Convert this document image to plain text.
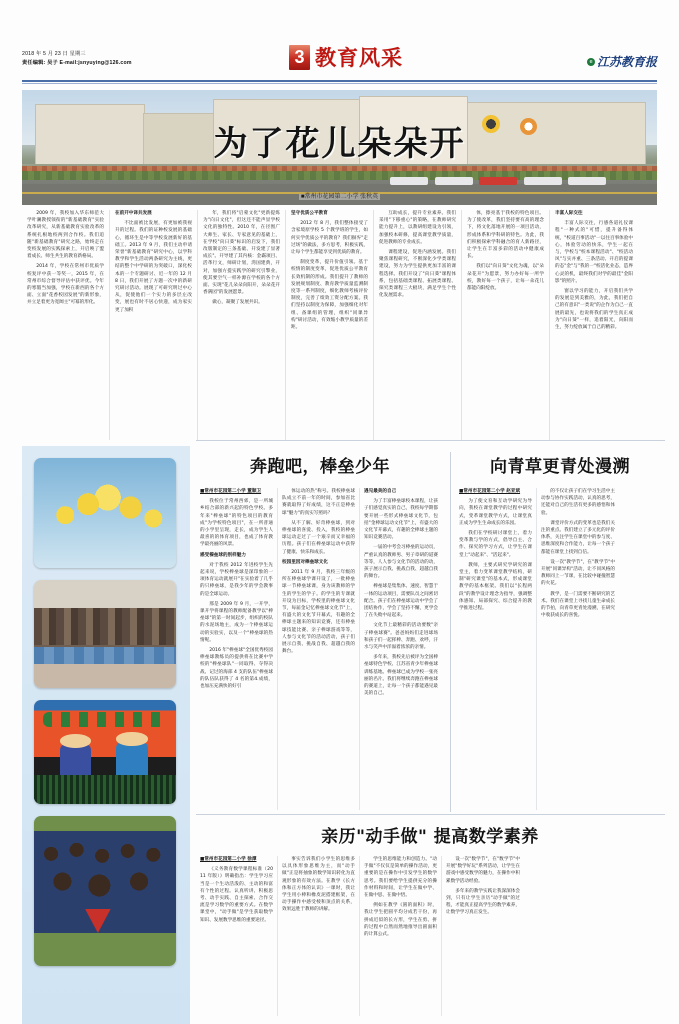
2018 年 5 月 23 日 星期三
责任编辑: 吴子 E-mail:jsnyuying@126.com	3 教育风采	e 江苏教育报
为了花儿朵朵开
■常州市花园第二小学 张秋英

2009 年，我校加入华东师范大学叶澜教授领衔的"新基础教育"实验改革研究，从新基础教育实验改革的系统扎根地校两到合作校。我们追随"新基础教育"研究之路，始终走在变校发展的实践探索上，开启唤了盟着成长、师生共生的教育新格局。

2014 年，学校在常州市优质学校复评中获一等奖一，2015 年，在常州市综合督导评估中获评优。今年的寒假当加强，学校在新西的各个方面、立面"花香校园发展"的新形象，并立足着更为宽阔主"可幂的形化。

在前开中译共发展

不比面被比发展，有更加被我视升的过程。我们的证种校发展的基础心，循环生是中等学校发展新好的基础工。2013 年 9 月，我们主动申请荣誉"新基础教育"研究中心，以学科教学和学生活动两条研究为主线，更结的整个中学研的为突破口，深化校本的一个专题研讨、近一年的 12 月 8 日，我们开展了方题一次中的新研究研讨活动。展现了可研究明过中心从，促使他们一个实力的多层左改变，展也有时不居心快递，成为家实更了加积

年，我们将"启蒙文化"更新提炼为"向日文化"，但这还不能声显学校文化的独特性。2010 年，在径围广大师生、家长、专家意见的基础上，在学校"向日葵"标识的启发下，我们改版制定的三条基础、开发建了显著成长"。开导建了其内核：金霸项目、活革行文，师研计划，湾国建典，开对，加强方提实践学的研究引擎业，使其要空气一样补源在学校的各个方面、实现"花儿朵朵向阳开，朵朵花开香满园"的发展愿景。

做心，凝聚了发展共识。

坚守优质公平教育

2012 年 8 月，我们整体接受了含家境原学校 5 个教学班的学生，如何实学优质公平的教育？我们摒弃"走过场"的做法，多方思考，积极实践，让每个学生都能享受到优质的教育。

制度变革，提升价值引领。基于校情的制度变革，促进优质公平教育长效机制的形成。我们提升了教师的发展规划制度、教育教学质量监测制度等一系列制度，细化教师考核评价制度，完善了绩效工资分配方案。我们坚持以制度为保障，加强细化对年组、备课组的管理，组织"同课异构"研讨活动，有效缩小教学质量的差距。

互助成长，提升专业素养。我们采用"下移重心"的策略，在教师研究能力提升上，以教研组建设为引领，加强校本研修，提高课堂教学质量，促进教师的专业成长。

课程建设，促进内涵发展。我们聚焦课程研究，不断深化少学类课程建设，努力为学生提供更加丰富的课程选择。我们开设了"向日葵"课程体系，包括基础类课程、拓展类课程、探究类课程三大板块，满足学生个性化发展需求。

体，擦亮基于我校的特色项目。为了使改革，我们坚持要有高的理念下，将文化落地开展的一项目活动，形成体系和学科研的特色。为此，我们积极探索学科融合的育人新路径，让学生在丰富多彩的活动中健康成长。

我们以"向日葵"文化为魂，以"朵朵花开"为愿景，努力办好每一所学校，教好每一个孩子，让每一朵花儿都能向阳绽放。

丰富人际交往

丰富人际交往，行感各道礼仪课程"一种式的"可惜，提升备得体统，"校道百事活动"一以往百事体验中心，体验劳动的快乐，学生一起在与，学校与"校本课程活动"、"校活动风"与实并重、三条活动、开启的提课的态"金"与"我的一"校活化业态，造界心灵的机，最终我们对学的最佳"金阳影"的照片。

窗以学习的能力，开启我们共学的发展是到美雅的，为此，我们把自己的有意识"一类说"的企作为自己一直展的最先，也说将我们的学生真正成为"向日葵"一样，追着阳光，向阳而生，努力绽放属于自己的精彩。

奔跑吧，棒垒少年	向青草更青处漫溯

■常州市花园第二小学 董顺卫

我校位于常州西郊，是一所城乡结合部的新兴起的特色学校。多年来"棒垒球"的特色项目的教育成"为学校特色项目"，在一所普通的小学里呈现，走长，成为学生人最喜的的体育项目，也成了体育教学最亮丽的风景。

感受榛垒球的别样魅力

对于我校 2012 年进校学生先起来说，学校棒垒球是深印象的一项体育运动就展开"在实验着了几乎的只棒垒球，是我少年的学会教事的是全球运动。

那是 2009 年 9 月，一开学，课开学将课程的教师配备教学以"棒垒球"的第一时间起步，组织的校队的水泥场地主，成为一个棒垒球运动的实验实，以及一个"棒垒球的热情呢。

2016 年"棒垒球"全国优秀校园棒垒球教练员的提供将在比赛中学校的"棒垒球队"一同取得、夺得决战、记过的海部 4 支的队伍"棒垒球的队伍队获得了 4 名的第4.成绩，也加压充满快的好引

体运动的热"称号。我校棒垒球队成立不前一年的时间，参加省比赛就取得了好成绩，这不正是棒垒球"魅力"的真实写照吗？

从不了解、好奇棒垒球，到对棒垒球的喜爱、投入，我校的棒垒球运动走过了一个艰辛而又幸福的历程。孩子们在棒垒球运动中获得了健康、快乐和成长。

校园里因对棒垒球文化

2011 年 9 月，我校三年级的所在棒垒球学课开设了，一批棒垒球一节棒垒球课，身为该教师的学生的学生的学子。的学生的专课就开设为目标，学校里的棒垒球文化节，每届金记忆棒垒球文化节"上，有盛大的文化节开幕式，有趣的全棒球主题来的知识竞赛，还有棒垒球技能比赛、亲子棒球游戏等等，人参与文化节的活动活动，孩子们展示自我、挑战自我、超越自我的舞台。

遇见最美的自己

为了丰富棒垒球校本课程，让孩子们感觉真实的自己，我校每学期都要开展一些形式棒垒球文化节，包括"金棒球运动文化节"上，有盛大的文化节开幕式，有趣的全棒球主题的知识竞赛活动。

一届的中考会习棒垒的运动员，严重认真的教师男、男子章研的道赛等等，人人参与文化节的活动的动，孩子展示自我、挑战自我、超越自我的舞台。

棒垒球是集集体、速度、智慧于一体的运动项目，需要队员之间密切配合。孩子们在棒垒球运动中学会了团结协作，学会了坚持不懈，更学会了在失败中站起来。

文化节上最精彩的活动要数"亲子棒垒球赛"。爸爸妈妈们走进球场和孩子们一起挥棒、奔跑、欢呼，汗水与笑声中洋溢着浓浓的亲情。

多年来，我校先后被评为全国棒垒球特色学校、江苏省青少年棒垒球训练基地。棒垒球已成为学校一张亮丽的名片。我们将继续奔跑在棒垒球的赛道上，让每一个孩子都能遇见最美的自己。

■常州市花园第二小学 赵亚斌

为了使文育和互动学研究为导向，我校在课堂教学的过程中研究式，变革课堂教学方式，让课堂真正成为学生生命成长的乐园。

我们在学校研讨课堂上，着力变革教与学的方式，倡导自主、合作、探究的学习方式，让学生在课堂上"动起来"、"活起来"。

教师，主要式研究学研究的课堂主，着力变革课堂教学结构，研制"研究课堂"的基本式，形成课堂教学的基本框架。我们以"长程两段"的教学设计理念为指导，强调整体感知、局部探究、综合提升的教学推进过程。

的不仅让孩子们在学习生活中主动参与协作实践活动，认真的思考，还能对自己的生活有更多的感悟和体验。

课堂评价方式的变革也是我们关注的重点。我们建立了多元化的评价体系，关注学生在课堂中的参与度、思维深度和合作能力，让每一个孩子都能在课堂上找到自信。

设一次"教学节"，在"教学节"中开展"同课异构"活动，让不同风格的教师同上一节课，在比较中碰撞智慧的火花。

教学，是一门需要不断研究的艺术。我们在课堂上寻找儿童生命成长的节拍，向青草更青处漫溯，在研究中收获成长的喜悦。

亲历"动手做" 提高数学素养

■常州市花园第二小学 徐潭

《义务教育数学课程标准（2011 年版）》明确指出：学生学习应当是一个生动活泼的、主动的和富有个性的过程。认真听讲、积极思考、动手实践、自主探索、合作交流是学习数学的重要方式。在数学课堂中，"动手做"是学生获取数学知识、发展数学思维的重要途径。

事实告诉我们小学生的思维多以具体形象思维为主，而"动手做"正是将抽象的数学知识转化为直观形象的有效方法。在教学《长方体和正方体的认识》一课时，我让学生用小棒和橡皮泥搭建框架，在动手操作中感受棱和顶点的关系，效果远胜于教师的讲解。

学生的思维能力和创造力。"动手做"不仅仅是简单的操作活动，更重要的是在操作中引发学生的数学思考。我们要给学生提供充分的操作材料和时间，让学生在做中学、在做中思、在做中悟。

例如在教学《圆的面积》时，我让学生把圆平均分成若干份，再拼成近似的长方形，学生在剪、拼的过程中自然而然地推导出圆面积的计算公式。

设一次"数学节"，在"数学节"中开展"数学好玩"系列活动，让学生在游戏中感受数学的魅力，在操作中积累数学活动经验。

多年来的教学实践让我深深体会到，只有让学生亲历"动手做"的过程，才能真正提高学生的数学素养，让数学学习真正发生。
